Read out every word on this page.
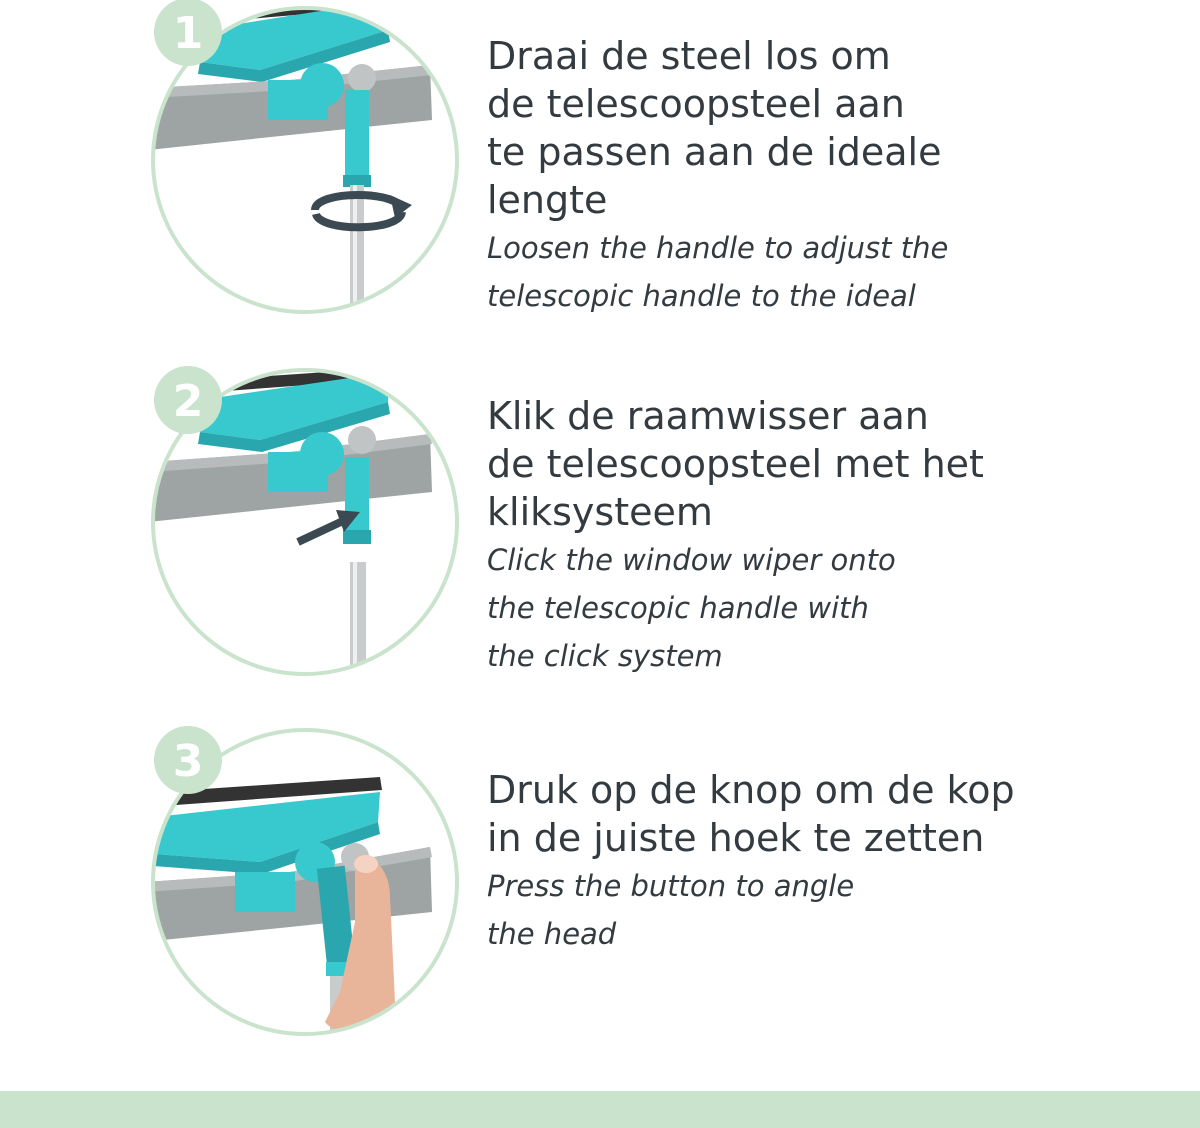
1	Draai de steel los om

de telescoopsteel aan

te passen aan de ideale

lengte

Loosen the handle to adjust the

telescopic handle to the ideal

2	Klik de raamwisser aan

de telescoopsteel met het

kliksysteem

Click the window wiper onto

the telescopic handle with

the click system

3

Druk op de knop om de kop

in de juiste hoek te zetten

Press the button to angle

the head
